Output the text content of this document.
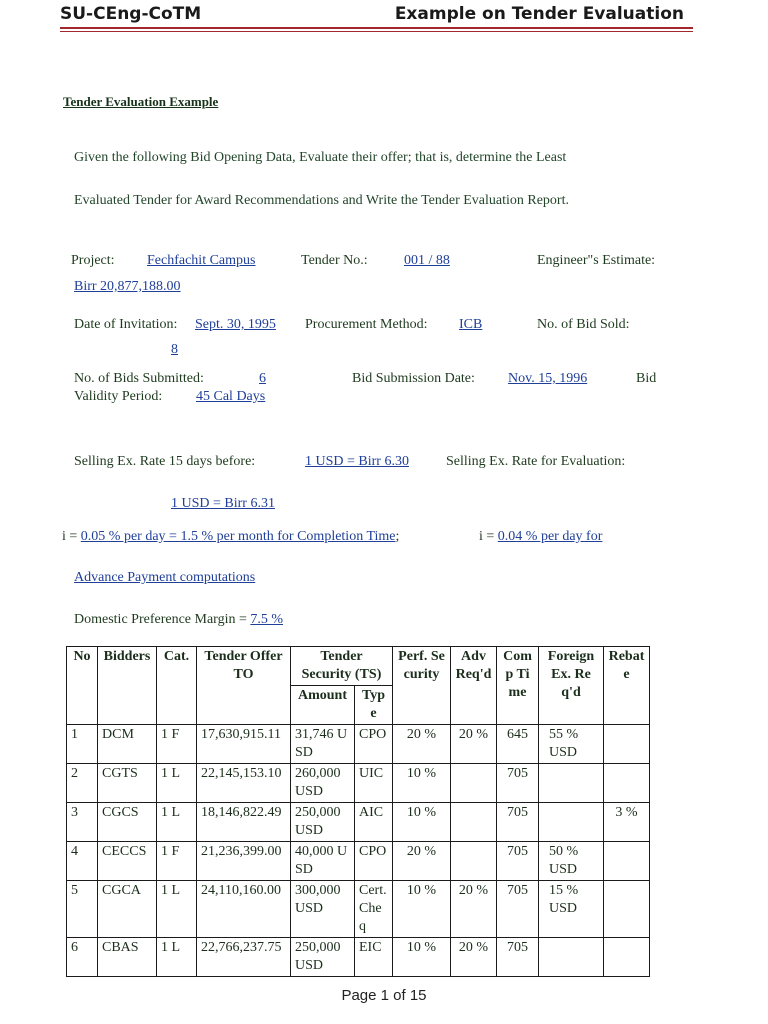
SU-CEng-CoTM	Example on Tender Evaluation
Tender Evaluation Example
Given the following Bid Opening Data, Evaluate their offer; that is, determine the Least
Evaluated Tender for Award Recommendations and Write the Tender Evaluation Report.
Project: Fechfachit Campus	Tender No.:	001 / 88	Engineer"s Estimate:
Birr 20,877,188.00
Date of Invitation: Sept. 30, 1995 Procurement Method: ICB	No. of Bid Sold:
8
No. of Bids Submitted:	6	Bid Submission Date: Nov. 15, 1996	Bid
Validity Period: 45 Cal Days
Selling Ex. Rate 15 days before:	1 USD = Birr 6.30	Selling Ex. Rate for Evaluation:
1 USD = Birr 6.31
i = 0.05 % per day = 1.5 % per month for Completion Time;	i = 0.04 % per day for
Advance Payment computations
Domestic Preference Margin = 7.5 %
No	Bidders	Cat.	Tender Offer TO	Tender Security (TS)		Perf. Security	Adv Req'd	Comp Time	Foreign Ex. Req'd	Rebate
				Amount	Type					
1	DCM	1 F	17,630,915.11	31,746 USD	CPO	20 %	20 %	645	55 % USD	
2	CGTS	1 L	22,145,153.10	260,000 USD	UIC	10 %		705		
3	CGCS	1 L	18,146,822.49	250,000 USD	AIC	10 %		705		3 %
4	CECCS	1 F	21,236,399.00	40,000 USD	CPO	20 %		705	50 % USD	
5	CGCA	1 L	24,110,160.00	300,000 USD	Cert. Cheq	10 %	20 %	705	15 % USD	
6	CBAS	1 L	22,766,237.75	250,000 USD	EIC	10 %	20 %	705		
Page 1 of 15
